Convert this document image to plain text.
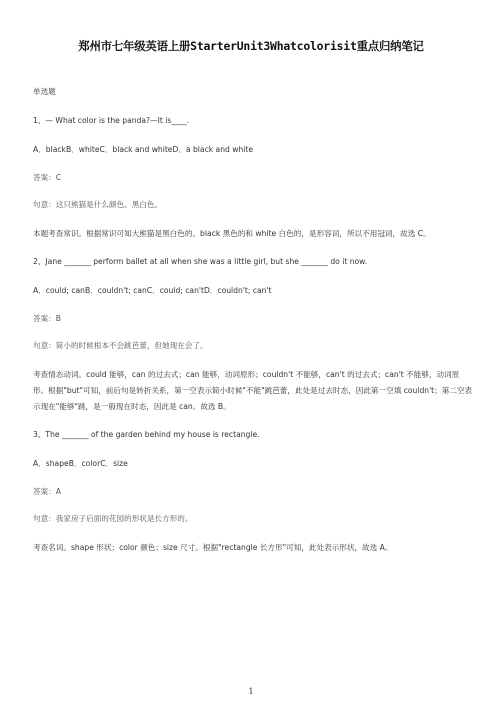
郑州市七年级英语上册StarterUnit3Whatcolorisit重点归纳笔记

单选题

1、— What color is the panda?—It is____.

A．blackB．whiteC．black and whiteD．a black and white

答案：C

句意：这只熊猫是什么颜色。黑白色。

本题考查常识。根据常识可知大熊猫是黑白色的。black 黑色的和 white 白色的，是形容词，所以不用冠词，故选 C。

2、Jane _______ perform ballet at all when she was a little girl, but she _______ do it now.

A．could; canB．couldn't; canC．could; can'tD．couldn't; can't

答案：B

句意：简小的时候根本不会跳芭蕾，但她现在会了。

考查情态动词。could 能够，can 的过去式；can 能够，动词原形；couldn't 不能够，can't 的过去式；can't 不能够，动词原形。根据"but"可知，前后句是转折关系，第一空表示简小时候"不能"跳芭蕾，此处是过去时态，因此第一空填 couldn't；第二空表示现在"能够"跳，是一般现在时态，因此是 can。故选 B。

3、The _______ of the garden behind my house is rectangle.

A．shapeB．colorC．size

答案：A

句意：我家房子后面的花园的形状是长方形的。

考查名词。shape 形状；color 颜色；size 尺寸。根据"rectangle 长方形"可知，此处表示形状，故选 A。

1
